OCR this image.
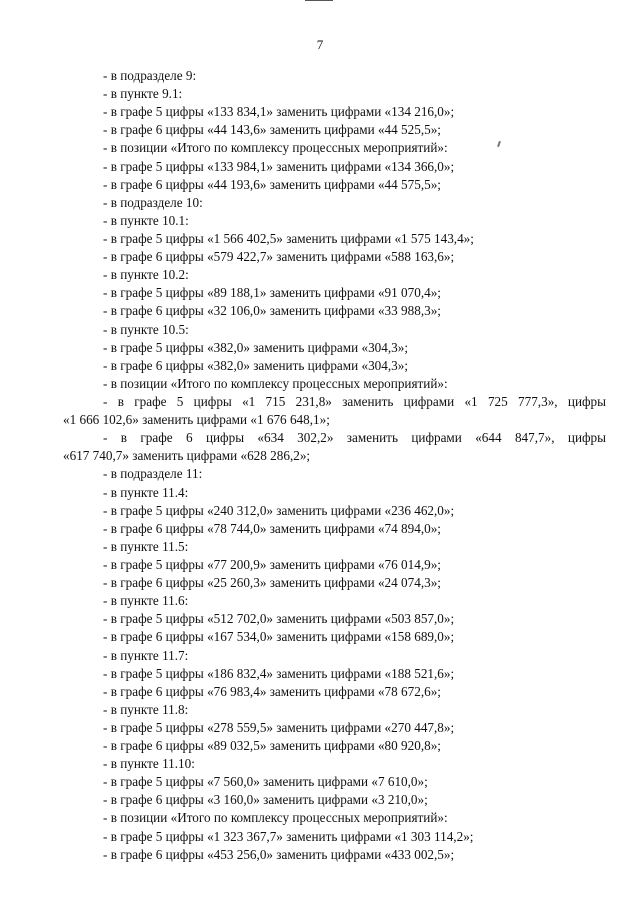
7
- в подразделе 9:
- в пункте 9.1:
- в графе 5 цифры «133 834,1» заменить цифрами «134 216,0»;
- в графе 6 цифры «44 143,6» заменить цифрами «44 525,5»;
- в позиции «Итого по комплексу процессных мероприятий»:
- в графе 5 цифры «133 984,1» заменить цифрами «134 366,0»;
- в графе 6 цифры «44 193,6» заменить цифрами «44 575,5»;
- в подразделе 10:
- в пункте 10.1:
- в графе 5 цифры «1 566 402,5» заменить цифрами «1 575 143,4»;
- в графе 6 цифры «579 422,7» заменить цифрами «588 163,6»;
- в пункте 10.2:
- в графе 5 цифры «89 188,1» заменить цифрами «91 070,4»;
- в графе 6 цифры «32 106,0» заменить цифрами «33 988,3»;
- в пункте 10.5:
- в графе 5 цифры «382,0» заменить цифрами «304,3»;
- в графе 6 цифры «382,0» заменить цифрами «304,3»;
- в позиции «Итого по комплексу процессных мероприятий»:
- в графе 5 цифры «1 715 231,8» заменить цифрами «1 725 777,3», цифры
«1 666 102,6» заменить цифрами «1 676 648,1»;
- в графе 6 цифры «634 302,2» заменить цифрами «644 847,7», цифры
«617 740,7» заменить цифрами «628 286,2»;
- в подразделе 11:
- в пункте 11.4:
- в графе 5 цифры «240 312,0» заменить цифрами «236 462,0»;
- в графе 6 цифры «78 744,0» заменить цифрами «74 894,0»;
- в пункте 11.5:
- в графе 5 цифры «77 200,9» заменить цифрами «76 014,9»;
- в графе 6 цифры «25 260,3» заменить цифрами «24 074,3»;
- в пункте 11.6:
- в графе 5 цифры «512 702,0» заменить цифрами «503 857,0»;
- в графе 6 цифры «167 534,0» заменить цифрами «158 689,0»;
- в пункте 11.7:
- в графе 5 цифры «186 832,4» заменить цифрами «188 521,6»;
- в графе 6 цифры «76 983,4» заменить цифрами «78 672,6»;
- в пункте 11.8:
- в графе 5 цифры «278 559,5» заменить цифрами «270 447,8»;
- в графе 6 цифры «89 032,5» заменить цифрами «80 920,8»;
- в пункте 11.10:
- в графе 5 цифры «7 560,0» заменить цифрами «7 610,0»;
- в графе 6 цифры «3 160,0» заменить цифрами «3 210,0»;
- в позиции «Итого по комплексу процессных мероприятий»:
- в графе 5 цифры «1 323 367,7» заменить цифрами «1 303 114,2»;
- в графе 6 цифры «453 256,0» заменить цифрами «433 002,5»;
